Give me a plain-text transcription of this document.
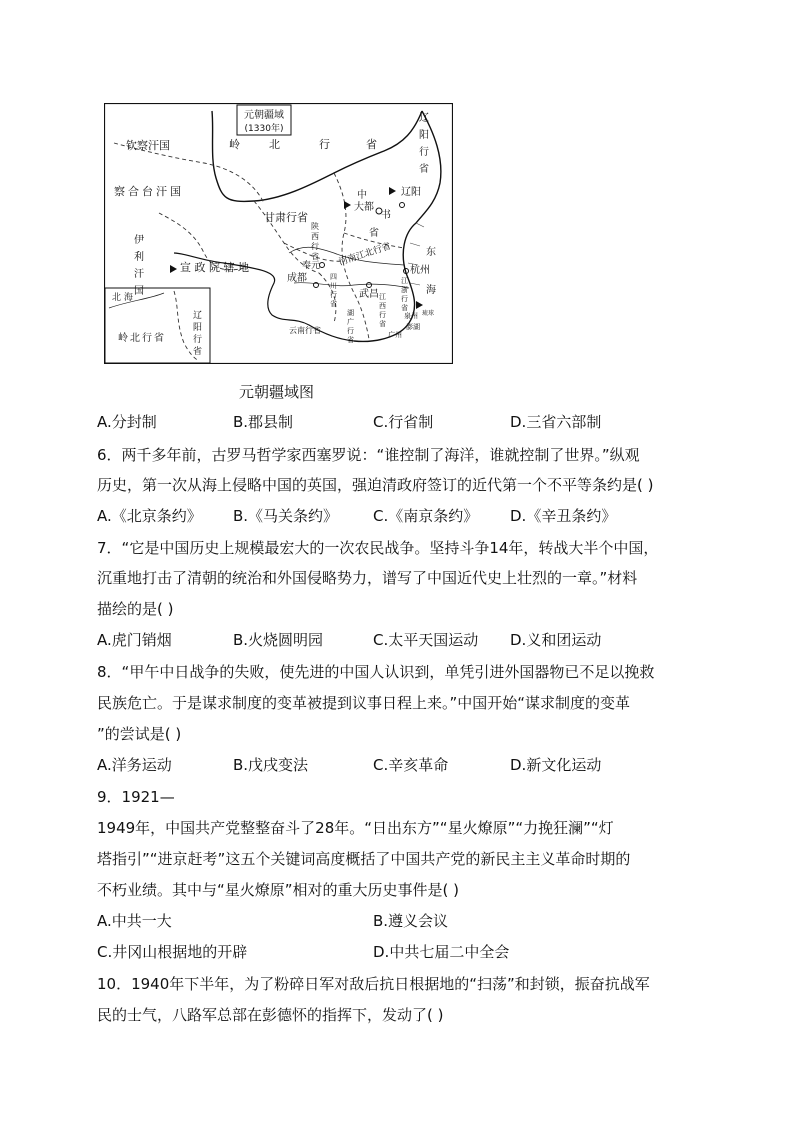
元朝疆域
(1330年)
钦察汗国
察合台汗国
伊
利
汗
国
岭	北	行	省
辽
阳
行
省
中
书
省
大都
辽阳
甘肃行省
陕
西
行
省
奉元
成都	四
川
行
省
河南江北行省
宣 政 院 辖 地	杭州
武昌
江
浙
行
省
江
西
行
省
湖
广
行
省
云南行省
东
海
澎湖
琉球
泉州
广州
北 海
岭北行省
辽
阳
行
省
元朝疆域图
A.分封制	B.郡县制	C.行省制	D.三省六部制
6．两千多年前，古罗马哲学家西塞罗说：“谁控制了海洋，谁就控制了世界。”纵观
历史，第一次从海上侵略中国的英国，强迫清政府签订的近代第一个不平等条约是( )
A.《北京条约》 B.《马关条约》 C.《南京条约》 D.《辛丑条约》
7．“它是中国历史上规模最宏大的一次农民战争。坚持斗争14年，转战大半个中国，
沉重地打击了清朝的统治和外国侵略势力，谱写了中国近代史上壮烈的一章。”材料
描绘的是( )
A.虎门销烟	B.火烧圆明园	C.太平天国运动 D.义和团运动
8．“甲午中日战争的失败，使先进的中国人认识到，单凭引进外国器物已不足以挽救
民族危亡。于是谋求制度的变革被提到议事日程上来。”中国开始“谋求制度的变革
”的尝试是( )
A.洋务运动	B.戊戌变法	C.辛亥革命	D.新文化运动
9．1921—
1949年，中国共产党整整奋斗了28年。“日出东方”“星火燎原”“力挽狂澜”“灯
塔指引”“进京赶考”这五个关键词高度概括了中国共产党的新民主主义革命时期的
不朽业绩。其中与“星火燎原”相对的重大历史事件是( )
A.中共一大	B.遵义会议
C.井冈山根据地的开辟	D.中共七届二中全会
10．1940年下半年，为了粉碎日军对敌后抗日根据地的“扫荡”和封锁，振奋抗战军
民的士气，八路军总部在彭德怀的指挥下，发动了( )
